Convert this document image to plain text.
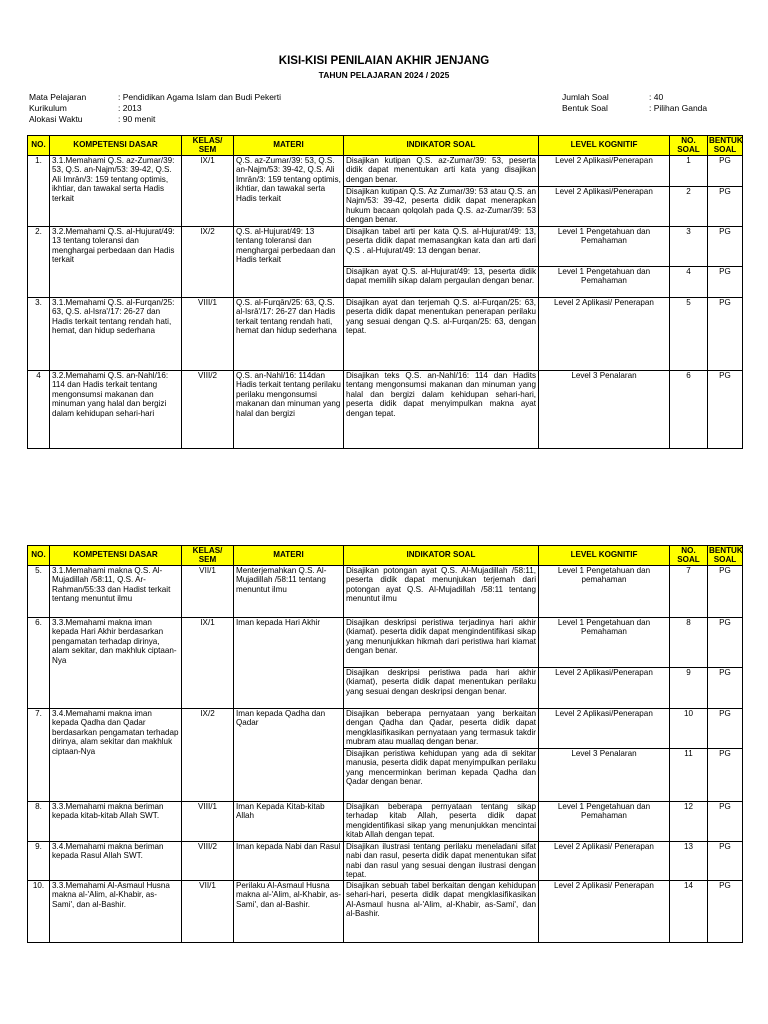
KISI-KISI PENILAIAN AKHIR JENJANG
TAHUN PELAJARAN 2024 / 2025
Mata Pelajaran	: Pendidikan Agama Islam dan Budi Pekerti
Kurikulum	: 2013
Alokasi Waktu	: 90 menit
Jumlah Soal	: 40
Bentuk Soal	: Pilihan Ganda
NO.	KOMPETENSI DASAR	KELAS/ SEM	MATERI	INDIKATOR SOAL	LEVEL KOGNITIF	NO. SOAL	BENTUK SOAL
1.	3.1.Memahami Q.S. az-Zumar/39: 53, Q.S. an-Najm/53: 39-42, Q.S. Ali Imrān/3: 159 tentang optimis, ikhtiar, dan tawakal serta Hadis terkait	IX/1	Q.S. az-Zumar/39: 53, Q.S. an-Najm/53: 39-42, Q.S. Ali Imrān/3: 159 tentang optimis, ikhtiar, dan tawakal serta Hadis terkait	Disajikan kutipan Q.S. az-Zumar/39: 53, peserta didik dapat menentukan arti kata yang disajikan dengan benar.	Level 2 Aplikasi/Penerapan	1	PG
				Disajikan kutipan Q.S. Az Zumar/39: 53 atau Q.S. an Najm/53: 39-42, peserta didik dapat menerapkan hukum bacaan qolqolah pada Q.S. az-Zumar/39: 53 dengan benar.	Level 2 Aplikasi/Penerapan	2	PG
2.	3.2.Memahami Q.S. al-Hujurat/49: 13 tentang toleransi dan menghargai perbedaan dan Hadis terkait	IX/2	Q.S. al-Hujurat/49: 13 tentang toleransi dan menghargai perbedaan dan Hadis terkait	Disajikan tabel arti per kata Q.S. al-Hujurat/49: 13, peserta didik dapat memasangkan kata dan arti dari Q.S . al-Hujurat/49: 13 dengan benar.	Level 1 Pengetahuan dan Pemahaman	3	PG
				Disajikan ayat Q.S. al-Hujurat/49: 13, peserta didik dapat memilih sikap dalam pergaulan dengan benar.	Level 1 Pengetahuan dan Pemahaman	4	PG
3.	3.1.Memahami Q.S. al-Furqan/25: 63, Q.S. al-Isra'/17: 26-27 dan Hadis terkait tentang rendah hati, hemat, dan hidup sederhana	VIII/1	Q.S. al-Furqān/25: 63, Q.S. al-Isrā'/17: 26-27 dan Hadis terkait tentang rendah hati, hemat dan hidup sederhana	Disajikan ayat dan terjemah Q.S. al-Furqan/25: 63, peserta didik dapat menentukan penerapan perilaku yang sesuai dengan Q.S. al-Furqan/25: 63, dengan tepat.	Level 2 Aplikasi/ Penerapan	5	PG
4	3.2.Memahami Q.S. an-Nahl/16: 114 dan Hadis terkait tentang mengonsumsi makanan dan minuman yang halal dan bergizi dalam kehidupan sehari-hari	VIII/2	Q.S. an-Nahl/16: 114dan Hadis terkait tentang perilaku perilaku mengonsumsi makanan dan minuman yang halal dan bergizi	Disajikan teks Q.S. an-Nahl/16: 114 dan Hadits tentang mengonsumsi makanan dan minuman yang halal dan bergizi dalam kehidupan sehari-hari, peserta didik dapat menyimpulkan makna ayat dengan tepat.	Level 3 Penalaran	6	PG
NO.	KOMPETENSI DASAR	KELAS/ SEM	MATERI	INDIKATOR SOAL	LEVEL KOGNITIF	NO. SOAL	BENTUK SOAL
5.	3.1.Memahami makna Q.S. Al-Mujadillah /58:11, Q.S. Ar-Rahman/55:33 dan Hadist terkait tentang menuntut ilmu	VII/1	Menterjemahkan Q.S. Al-Mujadillah /58:11 tentang menuntut ilmu	Disajikan potongan ayat Q.S. Al-Mujadillah /58:11, peserta didik dapat menunjukan terjemah dari potongan ayat Q.S. Al-Mujadillah /58:11 tentang menuntut ilmu	Level 1 Pengetahuan dan pemahaman	7	PG
6.	3.3.Memahami makna iman kepada Hari Akhir berdasarkan pengamatan terhadap dirinya, alam sekitar, dan makhluk ciptaan-Nya	IX/1	Iman kepada Hari Akhir	Disajikan deskripsi peristiwa terjadinya hari akhir (kiamat). peserta didik dapat mengindentifikasi sikap yang menunjukkan hikmah dari peristiwa hari kiamat dengan benar.	Level 1 Pengetahuan dan Pemahaman	8	PG
				Disajikan deskripsi peristiwa pada hari akhir (kiamat), peserta didik dapat menentukan perilaku yang sesuai dengan deskripsi dengan benar.	Level 2 Aplikasi/Penerapan	9	PG
7.	3.4.Memahami makna iman kepada Qadha dan Qadar berdasarkan pengamatan terhadap dirinya, alam sekitar dan makhluk ciptaan-Nya	IX/2	Iman kepada Qadha dan Qadar	Disajikan beberapa pernyataan yang berkaitan dengan Qadha dan Qadar, peserta didik dapat mengklasifikasikan pernyataan yang termasuk takdir mubram atau muallaq dengan benar.	Level 2 Aplikasi/Penerapan	10	PG
				Disajikan peristiwa kehidupan yang ada di sekitar manusia, peserta didik dapat menyimpulkan perilaku yang mencerminkan beriman kepada Qadha dan Qadar dengan benar.	Level 3 Penalaran	11	PG
8.	3.3.Memahami makna beriman kepada kitab-kitab Allah SWT.	VIII/1	Iman Kepada Kitab-kitab Allah	Disajikan beberapa pernyataan tentang sikap terhadap kitab Allah, peserta didik dapat mengidentifikasi sikap yang menunjukkan mencintai kitab Allah dengan tepat.	Level 1 Pengetahuan dan Pemahaman	12	PG
9.	3.4.Memahami makna beriman kepada Rasul Allah SWT.	VIII/2	Iman kepada Nabi dan Rasul	Disajikan ilustrasi tentang perilaku meneladani sifat nabi dan rasul, peserta didik dapat menentukan sifat nabi dan rasul yang sesuai dengan ilustrasi dengan tepat.	Level 2 Aplikasi/ Penerapan	13	PG
10.	3.3.Memahami Al-Asmaul Husna makna al-'Alim, al-Khabir, as-Sami', dan al-Bashir.	VII/1	Perilaku Al-Asmaul Husna makna al-'Alim, al-Khabir, as-Sami', dan al-Bashir.	Disajikan sebuah tabel berkaitan dengan kehidupan sehari-hari, peserta didik dapat mengklasifikasikan Al-Asmaul husna al-'Alim, al-Khabir, as-Sami', dan al-Bashir.	Level 2 Aplikasi/ Penerapan	14	PG
